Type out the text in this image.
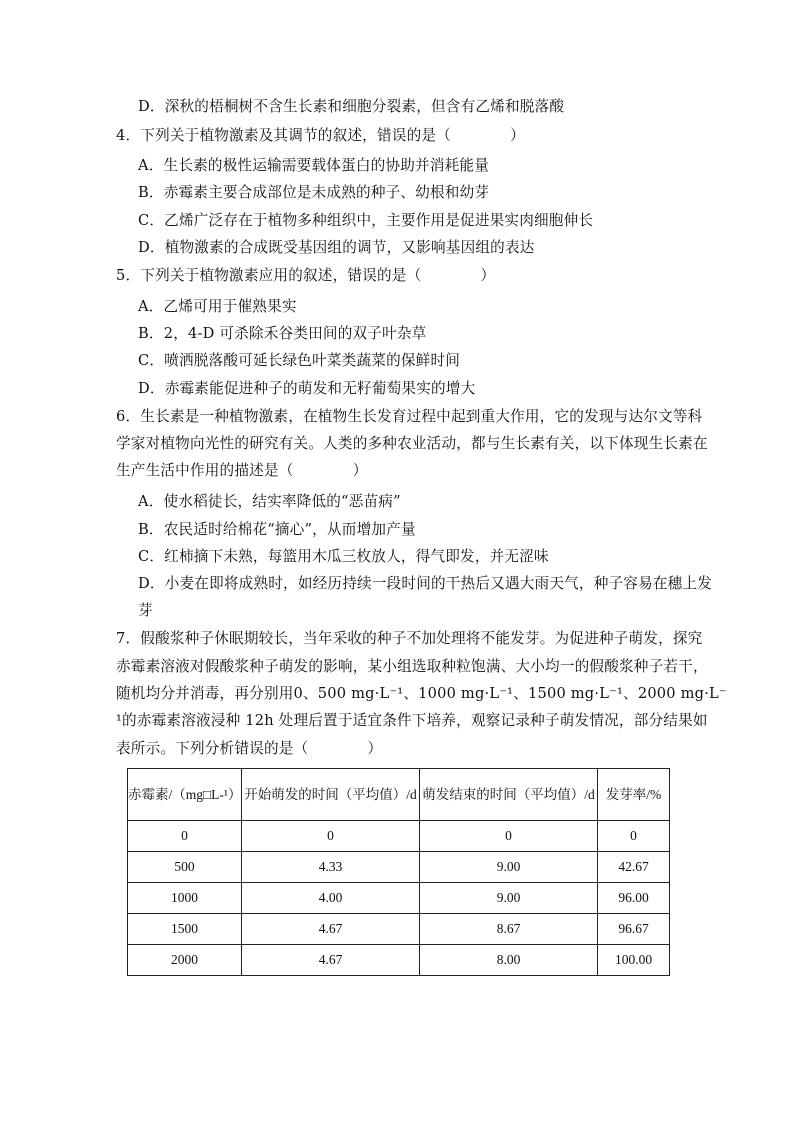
D．深秋的梧桐树不含生长素和细胞分裂素，但含有乙烯和脱落酸
4．下列关于植物激素及其调节的叙述，错误的是（　　　　）
A．生长素的极性运输需要载体蛋白的协助并消耗能量
B．赤霉素主要合成部位是未成熟的种子、幼根和幼芽
C．乙烯广泛存在于植物多种组织中，主要作用是促进果实肉细胞伸长
D．植物激素的合成既受基因组的调节，又影响基因组的表达
5．下列关于植物激素应用的叙述，错误的是（　　　　）
A．乙烯可用于催熟果实
B．2，4-D 可杀除禾谷类田间的双子叶杂草
C．喷洒脱落酸可延长绿色叶菜类蔬菜的保鲜时间
D．赤霉素能促进种子的萌发和无籽葡萄果实的增大
6．生长素是一种植物激素，在植物生长发育过程中起到重大作用，它的发现与达尔文等科
学家对植物向光性的研究有关。人类的多种农业活动，都与生长素有关，以下体现生长素在
生产生活中作用的描述是（　　　　）
A．使水稻徒长，结实率降低的“恶苗病”
B．农民适时给棉花“摘心”，从而增加产量
C．红柿摘下未熟，每篮用木瓜三枚放人，得气即发，并无涩味
D．小麦在即将成熟时，如经历持续一段时间的干热后又遇大雨天气，种子容易在穗上发
芽
7．假酸浆种子休眠期较长，当年采收的种子不加处理将不能发芽。为促进种子萌发，探究
赤霉素溶液对假酸浆种子萌发的影响，某小组选取种粒饱满、大小均一的假酸浆种子若干，
随机均分并消毒，再分别用0、500 mg·L⁻¹、1000 mg·L⁻¹、1500 mg·L⁻¹、2000 mg·L⁻
¹的赤霉素溶液浸种 12h 处理后置于适宜条件下培养，观察记录种子萌发情况，部分结果如
表所示。下列分析错误的是（　　　　）
赤霉素/（mg□L-¹）	开始萌发的时间（平均值）/d	萌发结束的时间（平均值）/d	发芽率/%
0	0	0	0
500	4.33	9.00	42.67
1000	4.00	9.00	96.00
1500	4.67	8.67	96.67
2000	4.67	8.00	100.00
